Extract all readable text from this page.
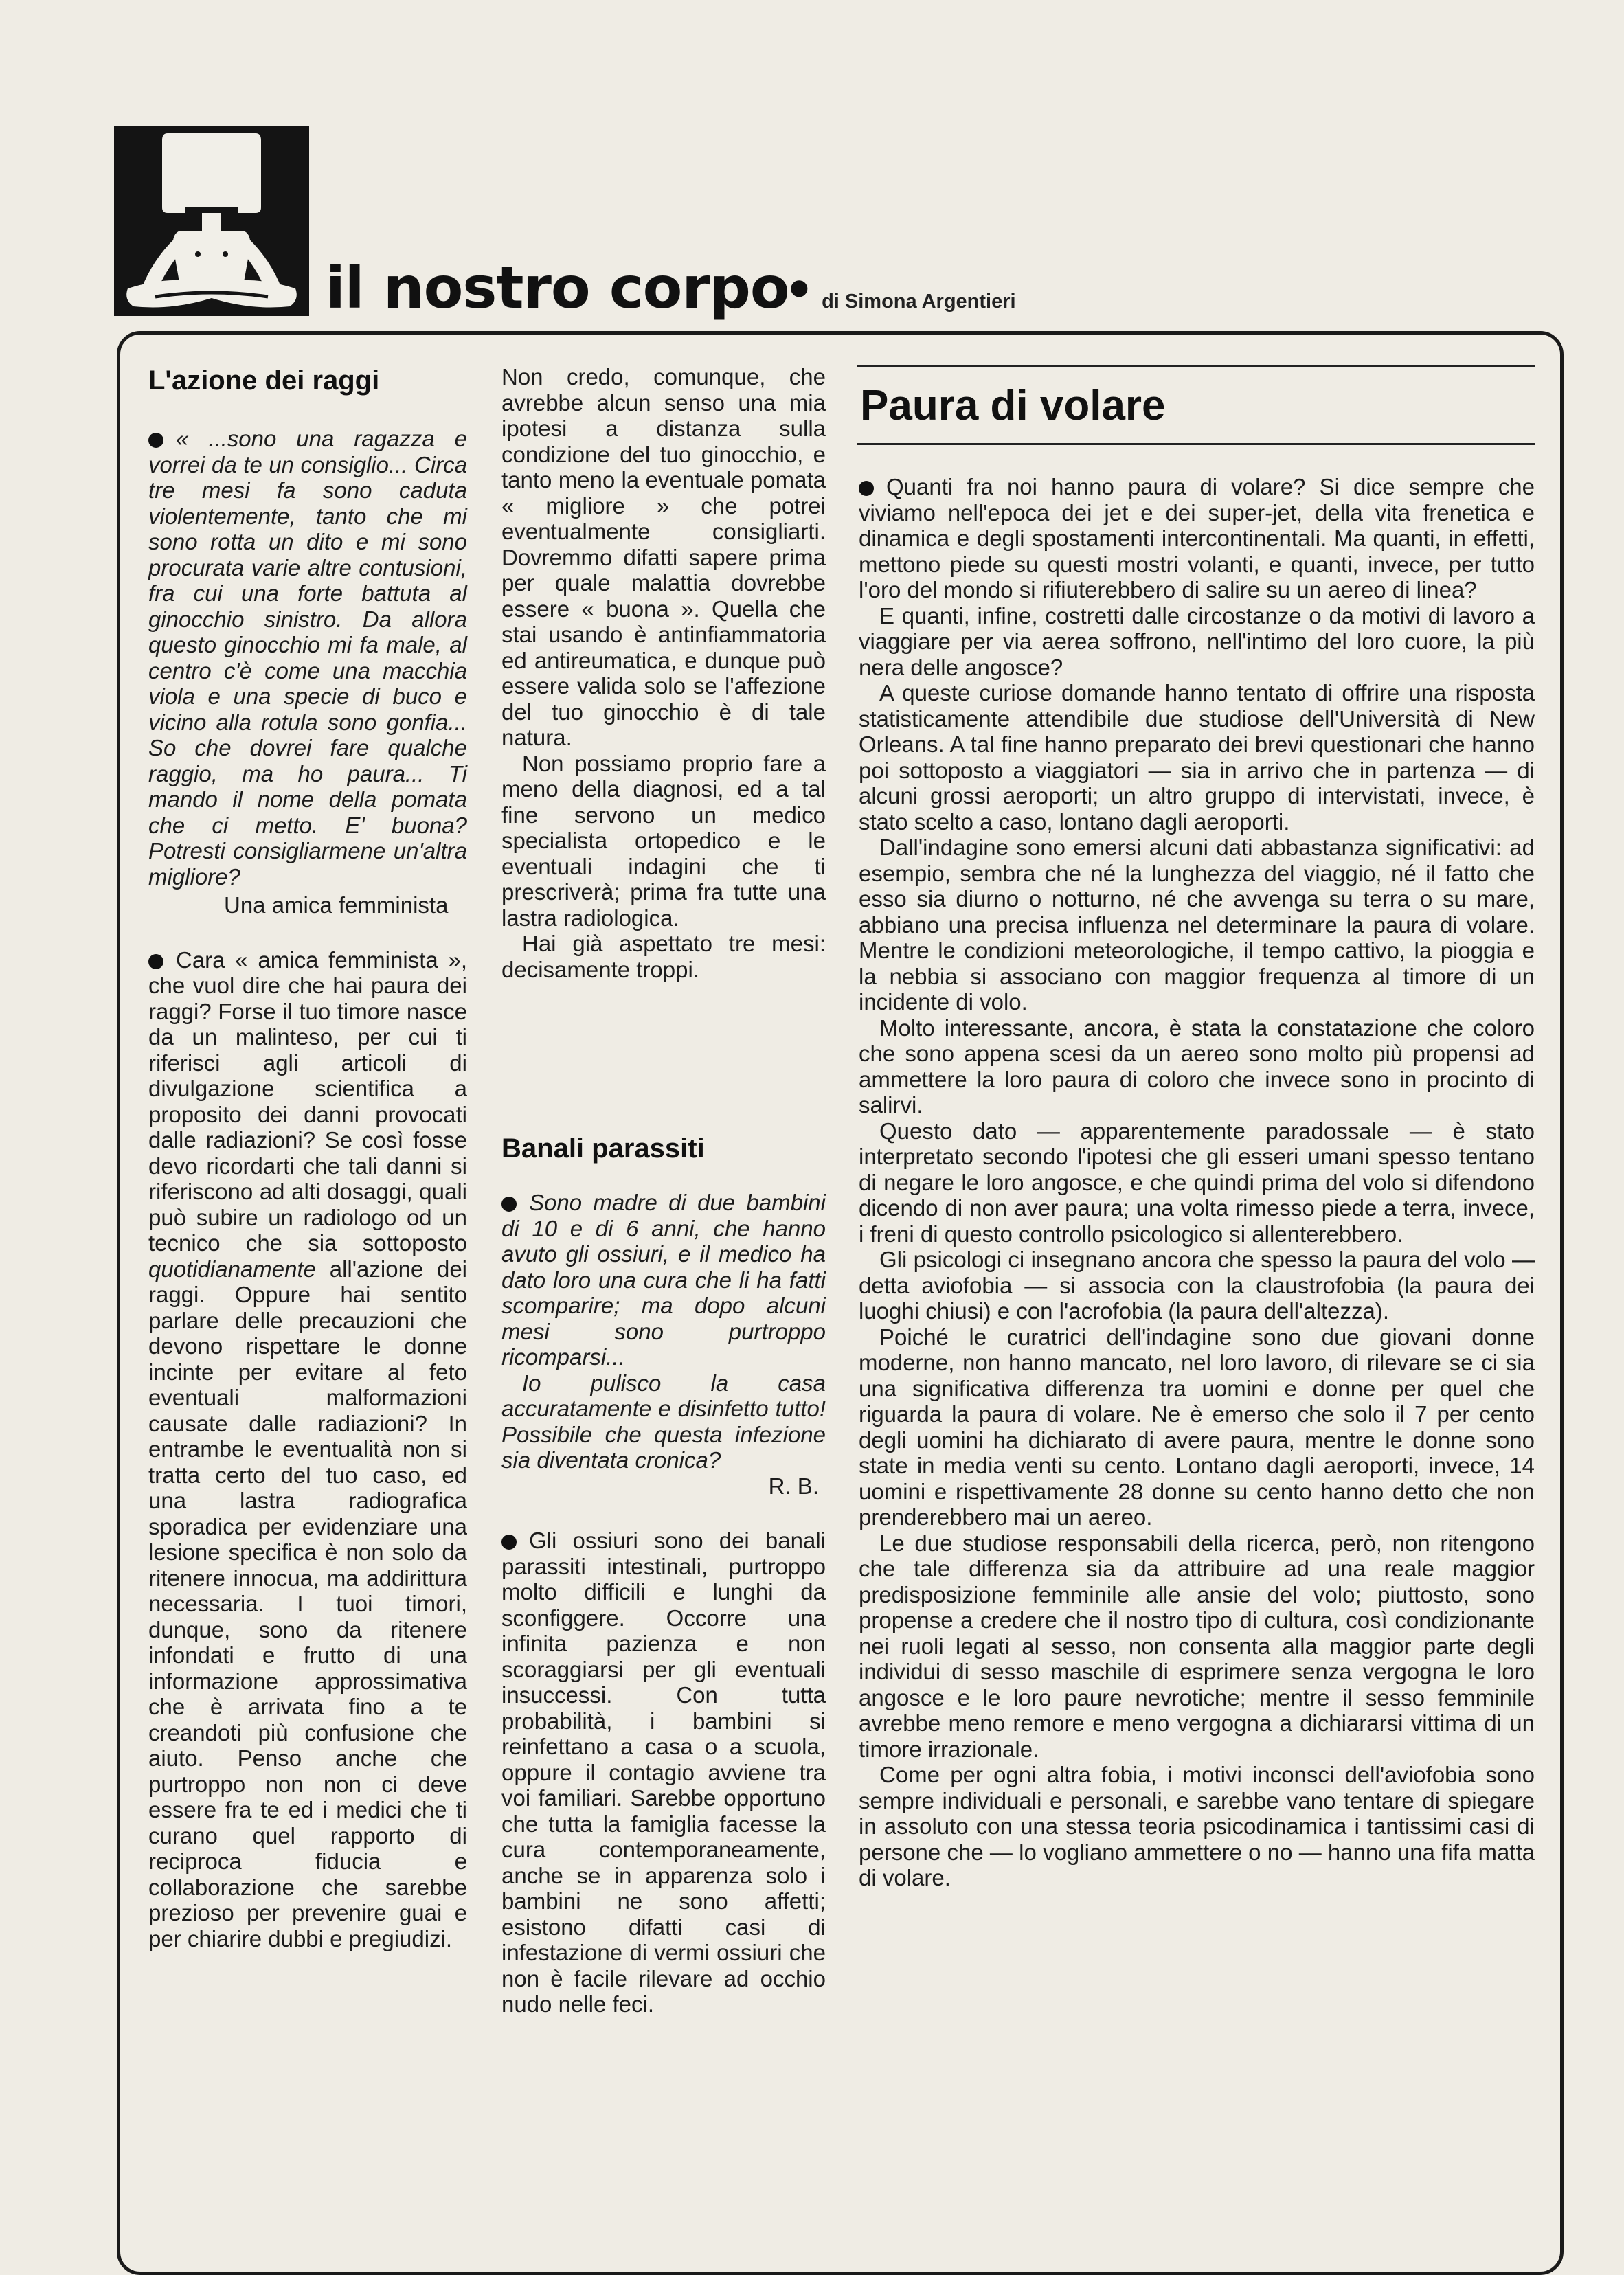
il nostro corpo • di Simona Argentieri
L'azione dei raggi

« ...sono una ragazza e vorrei da te un consiglio... Circa tre mesi fa sono caduta violentemente, tanto che mi sono rotta un dito e mi sono procurata varie altre contusioni, fra cui una forte battuta al ginocchio sinistro. Da allora questo ginocchio mi fa male, al centro c'è come una macchia viola e una specie di buco e vicino alla rotula sono gonfia... So che dovrei fare qualche raggio, ma ho paura... Ti mando il nome della pomata che ci metto. E' buona? Potresti consigliarmene un'altra migliore?

Una amica femminista

Cara « amica femminista », che vuol dire che hai paura dei raggi? Forse il tuo timore nasce da un malinteso, per cui ti riferisci agli articoli di divulgazione scientifica a proposito dei danni provocati dalle radiazioni? Se così fosse devo ricordarti che tali danni si riferiscono ad alti dosaggi, quali può subire un radiologo od un tecnico che sia sottoposto quotidianamente all'azione dei raggi. Oppure hai sentito parlare delle precauzioni che devono rispettare le donne incinte per evitare al feto eventuali malformazioni causate dalle radiazioni? In entrambe le eventualità non si tratta certo del tuo caso, ed una lastra radiografica sporadica per evidenziare una lesione specifica è non solo da ritenere innocua, ma addirittura necessaria. I tuoi timori, dunque, sono da ritenere infondati e frutto di una informazione approssimativa che è arrivata fino a te creandoti più confusione che aiuto. Penso anche che purtroppo non non ci deve essere fra te ed i medici che ti curano quel rapporto di reciproca fiducia e collaborazione che sarebbe prezioso per prevenire guai e per chiarire dubbi e pregiudizi.

Non credo, comunque, che avrebbe alcun senso una mia ipotesi a distanza sulla condizione del tuo ginocchio, e tanto meno la eventuale pomata « migliore » che potrei eventualmente consigliarti. Dovremmo difatti sapere prima per quale malattia dovrebbe essere « buona ». Quella che stai usando è antinfiammatoria ed antireumatica, e dunque può essere valida solo se l'affezione del tuo ginocchio è di tale natura.

Non possiamo proprio fare a meno della diagnosi, ed a tal fine servono un medico specialista ortopedico e le eventuali indagini che ti prescriverà; prima fra tutte una lastra radiologica.

Hai già aspettato tre mesi: decisamente troppi.

Banali parassiti

Sono madre di due bambini di 10 e di 6 anni, che hanno avuto gli ossiuri, e il medico ha dato loro una cura che li ha fatti scomparire; ma dopo alcuni mesi sono purtroppo ricomparsi...

Io pulisco la casa accuratamente e disinfetto tutto! Possibile che questa infezione sia diventata cronica?

R. B.

Gli ossiuri sono dei banali parassiti intestinali, purtroppo molto difficili e lunghi da sconfiggere. Occorre una infinita pazienza e non scoraggiarsi per gli eventuali insuccessi. Con tutta probabilità, i bambini si reinfettano a casa o a scuola, oppure il contagio avviene tra voi familiari. Sarebbe opportuno che tutta la famiglia facesse la cura contemporaneamente, anche se in apparenza solo i bambini ne sono affetti; esistono difatti casi di infestazione di vermi ossiuri che non è facile rilevare ad occhio nudo nelle feci.

Paura di volare

Quanti fra noi hanno paura di volare? Si dice sempre che viviamo nell'epoca dei jet e dei super-jet, della vita frenetica e dinamica e degli spostamenti intercontinentali. Ma quanti, in effetti, mettono piede su questi mostri volanti, e quanti, invece, per tutto l'oro del mondo si rifiuterebbero di salire su un aereo di linea?

E quanti, infine, costretti dalle circostanze o da motivi di lavoro a viaggiare per via aerea soffrono, nell'intimo del loro cuore, la più nera delle angosce?

A queste curiose domande hanno tentato di offrire una risposta statisticamente attendibile due studiose dell'Università di New Orleans. A tal fine hanno preparato dei brevi questionari che hanno poi sottoposto a viaggiatori — sia in arrivo che in partenza — di alcuni grossi aeroporti; un altro gruppo di intervistati, invece, è stato scelto a caso, lontano dagli aeroporti.

Dall'indagine sono emersi alcuni dati abbastanza significativi: ad esempio, sembra che né la lunghezza del viaggio, né il fatto che esso sia diurno o notturno, né che avvenga su terra o su mare, abbiano una precisa influenza nel determinare la paura di volare. Mentre le condizioni meteorologiche, il tempo cattivo, la pioggia e la nebbia si associano con maggior frequenza al timore di un incidente di volo.

Molto interessante, ancora, è stata la constatazione che coloro che sono appena scesi da un aereo sono molto più propensi ad ammettere la loro paura di coloro che invece sono in procinto di salirvi.

Questo dato — apparentemente paradossale — è stato interpretato secondo l'ipotesi che gli esseri umani spesso tentano di negare le loro angosce, e che quindi prima del volo si difendono dicendo di non aver paura; una volta rimesso piede a terra, invece, i freni di questo controllo psicologico si allenterebbero.

Gli psicologi ci insegnano ancora che spesso la paura del volo — detta aviofobia — si associa con la claustrofobia (la paura dei luoghi chiusi) e con l'acrofobia (la paura dell'altezza).

Poiché le curatrici dell'indagine sono due giovani donne moderne, non hanno mancato, nel loro lavoro, di rilevare se ci sia una significativa differenza tra uomini e donne per quel che riguarda la paura di volare. Ne è emerso che solo il 7 per cento degli uomini ha dichiarato di avere paura, mentre le donne sono state in media venti su cento. Lontano dagli aeroporti, invece, 14 uomini e rispettivamente 28 donne su cento hanno detto che non prenderebbero mai un aereo.

Le due studiose responsabili della ricerca, però, non ritengono che tale differenza sia da attribuire ad una reale maggior predisposizione femminile alle ansie del volo; piuttosto, sono propense a credere che il nostro tipo di cultura, così condizionante nei ruoli legati al sesso, non consenta alla maggior parte degli individui di sesso maschile di esprimere senza vergogna le loro angosce e le loro paure nevrotiche; mentre il sesso femminile avrebbe meno remore e meno vergogna a dichiararsi vittima di un timore irrazionale.

Come per ogni altra fobia, i motivi inconsci dell'aviofobia sono sempre individuali e personali, e sarebbe vano tentare di spiegare in assoluto con una stessa teoria psicodinamica i tantissimi casi di persone che — lo vogliano ammettere o no — hanno una fifa matta di volare.
